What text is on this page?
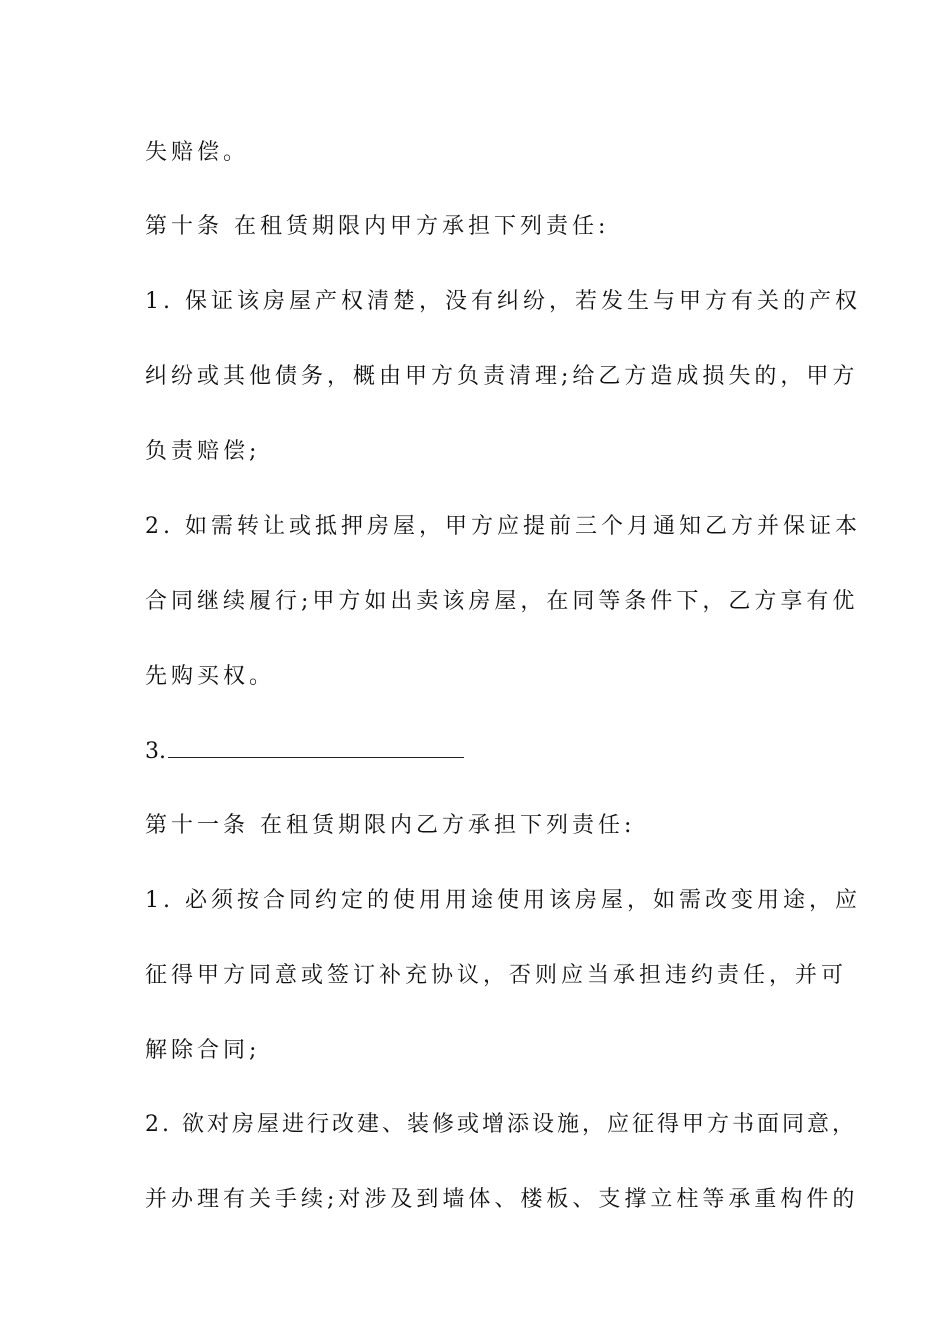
失赔偿。
第十条 在租赁期限内甲方承担下列责任:
1. 保证该房屋产权清楚，没有纠纷，若发生与甲方有关的产权
纠纷或其他债务，概由甲方负责清理;给乙方造成损失的，甲方
负责赔偿;
2. 如需转让或抵押房屋，甲方应提前三个月通知乙方并保证本
合同继续履行;甲方如出卖该房屋，在同等条件下，乙方享有优
先购买权。
3.
第十一条 在租赁期限内乙方承担下列责任:
1. 必须按合同约定的使用用途使用该房屋，如需改变用途，应
征得甲方同意或签订补充协议，否则应当承担违约责任，并可
解除合同;
2. 欲对房屋进行改建、装修或增添设施，应征得甲方书面同意，
并办理有关手续;对涉及到墙体、楼板、支撑立柱等承重构件的
